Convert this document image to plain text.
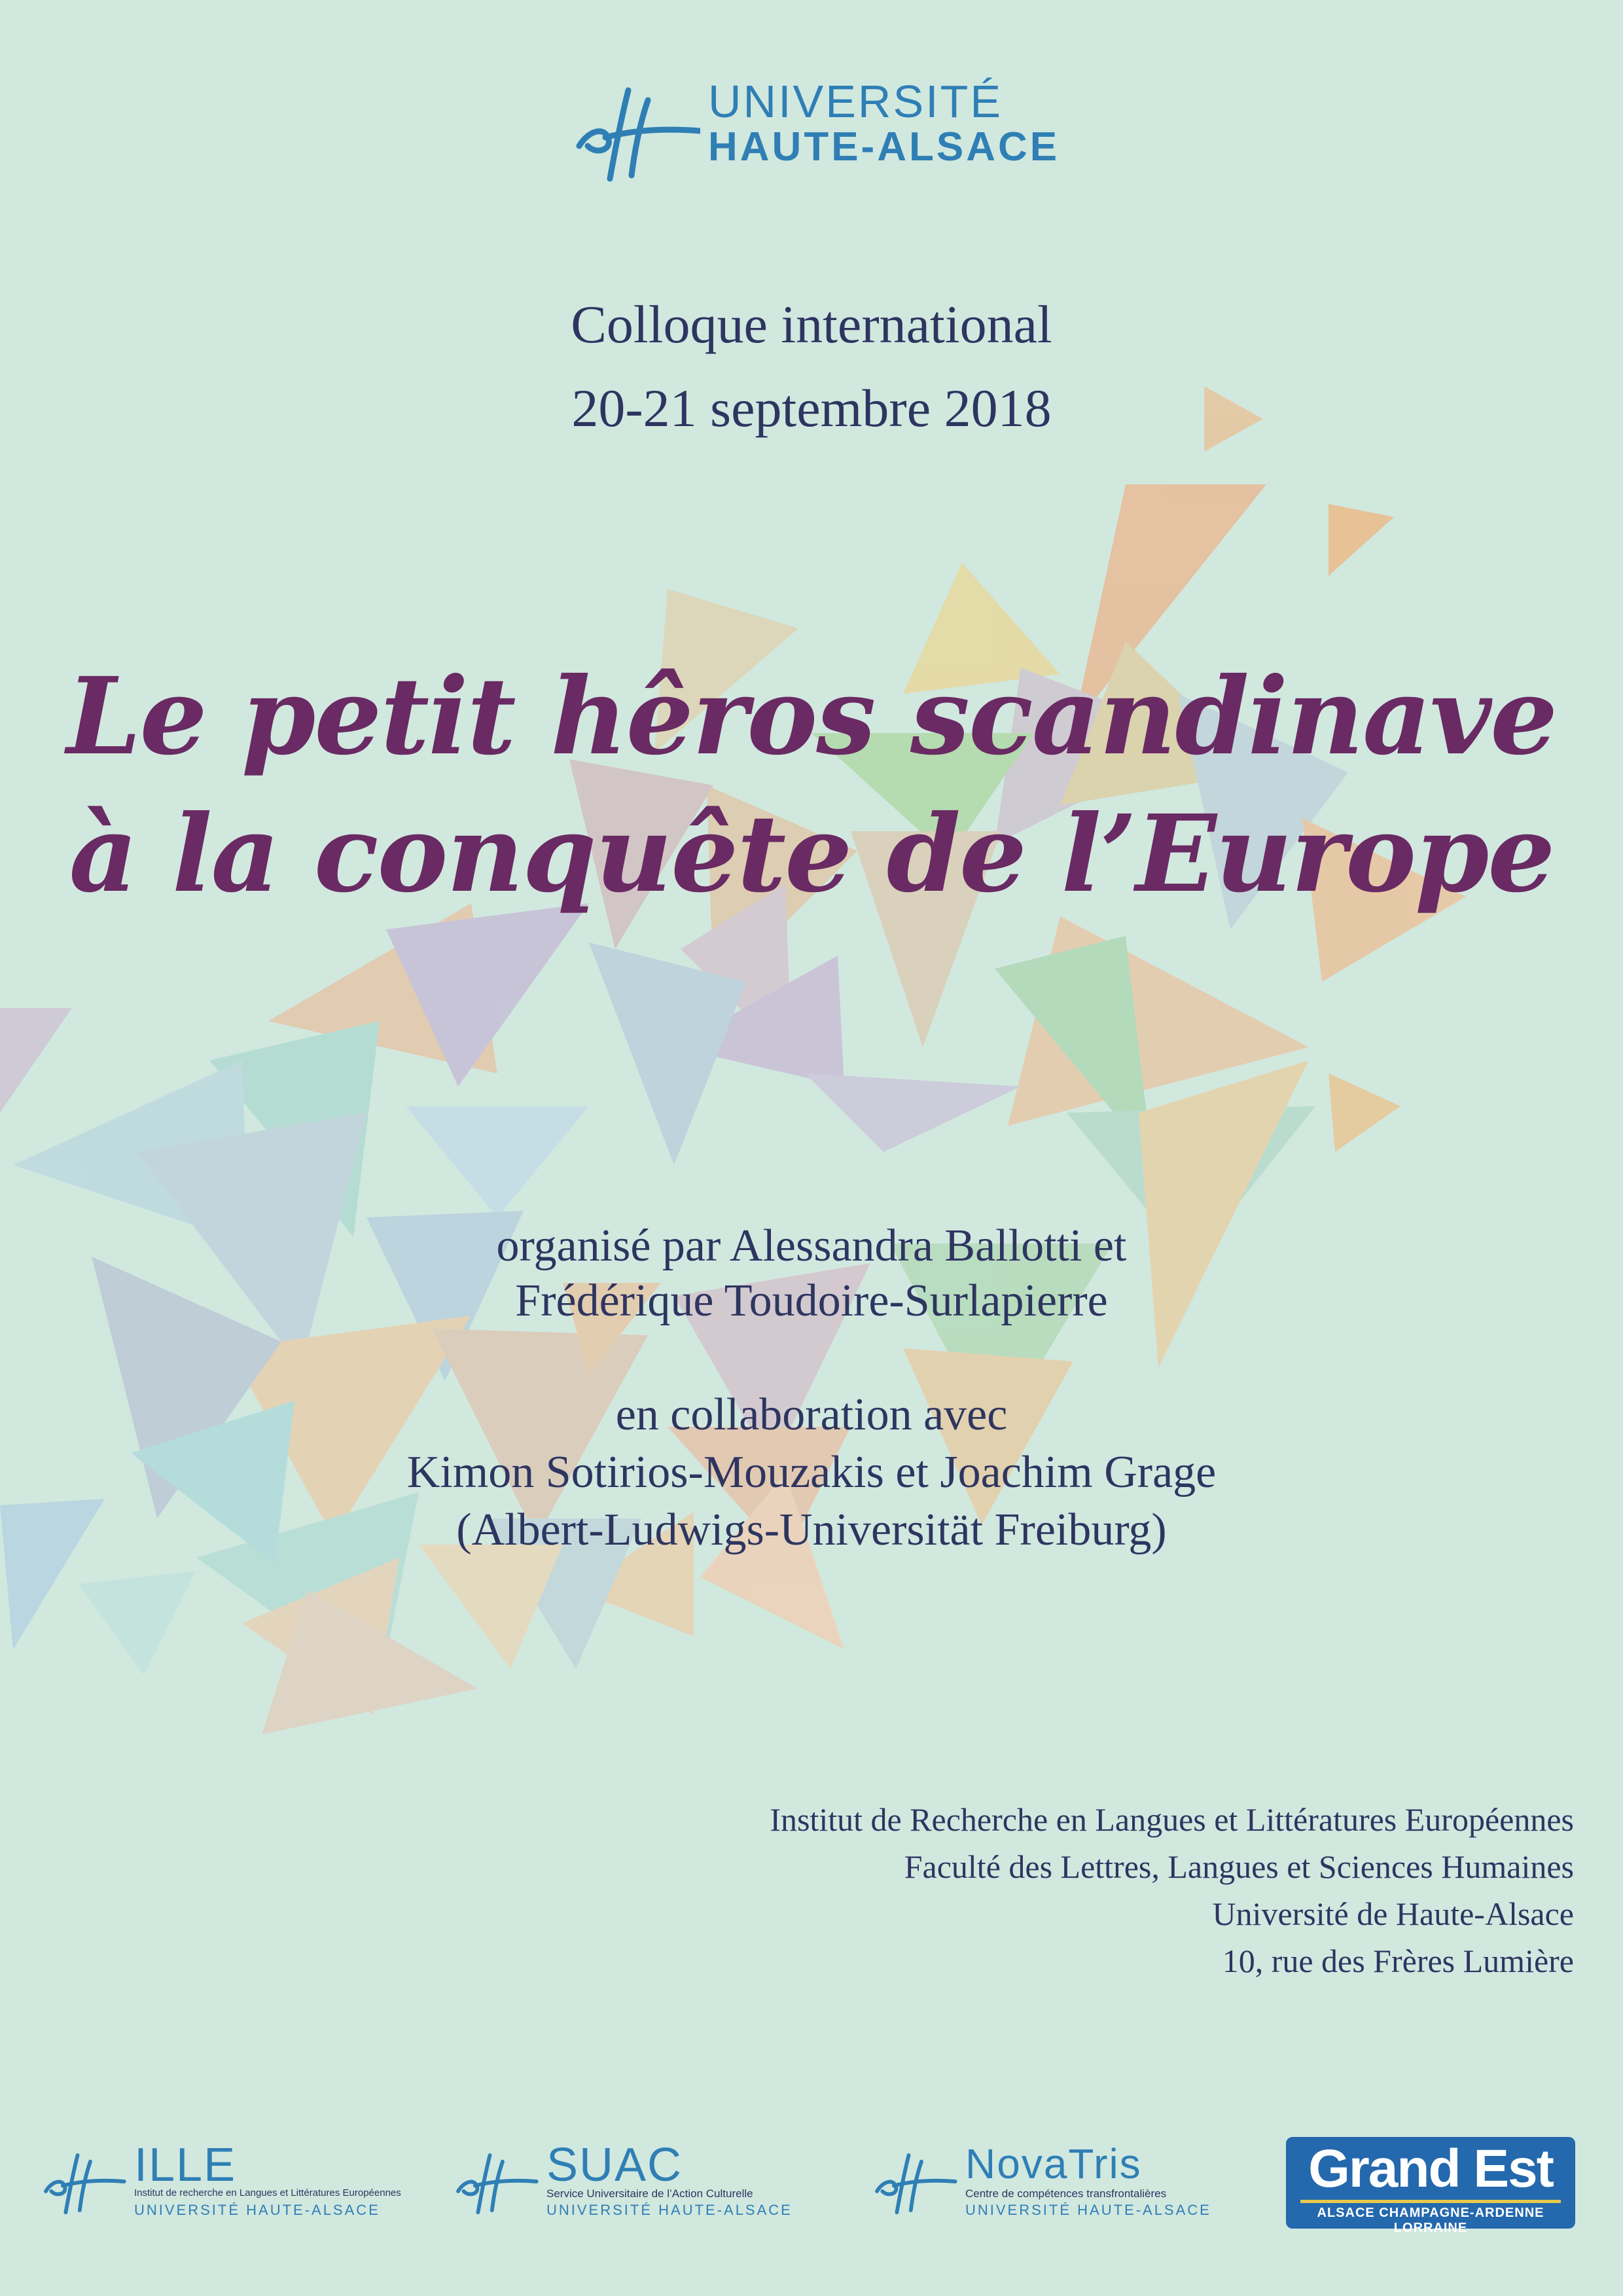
UNIVERSITÉ
HAUTE-ALSACE
Colloque international
20-21 septembre 2018
Le petit hêros scandinave
à la conquête de l’Europe
organisé par Alessandra Ballotti et
Frédérique Toudoire-Surlapierre
en collaboration avec
Kimon Sotirios-Mouzakis et Joachim Grage
(Albert-Ludwigs-Universität Freiburg)
Institut de Recherche en Langues et Littératures Européennes
Faculté des Lettres, Langues et Sciences Humaines
Université de Haute-Alsace
10, rue des Frères Lumière
ILLE
Institut de recherche en Langues et Littératures Européennes
UNIVERSITÉ HAUTE-ALSACE
SUAC
Service Universitaire de l’Action Culturelle
UNIVERSITÉ HAUTE-ALSACE
NovaTris
Centre de compétences transfrontalières
UNIVERSITÉ HAUTE-ALSACE
Grand Est
ALSACE CHAMPAGNE-ARDENNE LORRAINE
